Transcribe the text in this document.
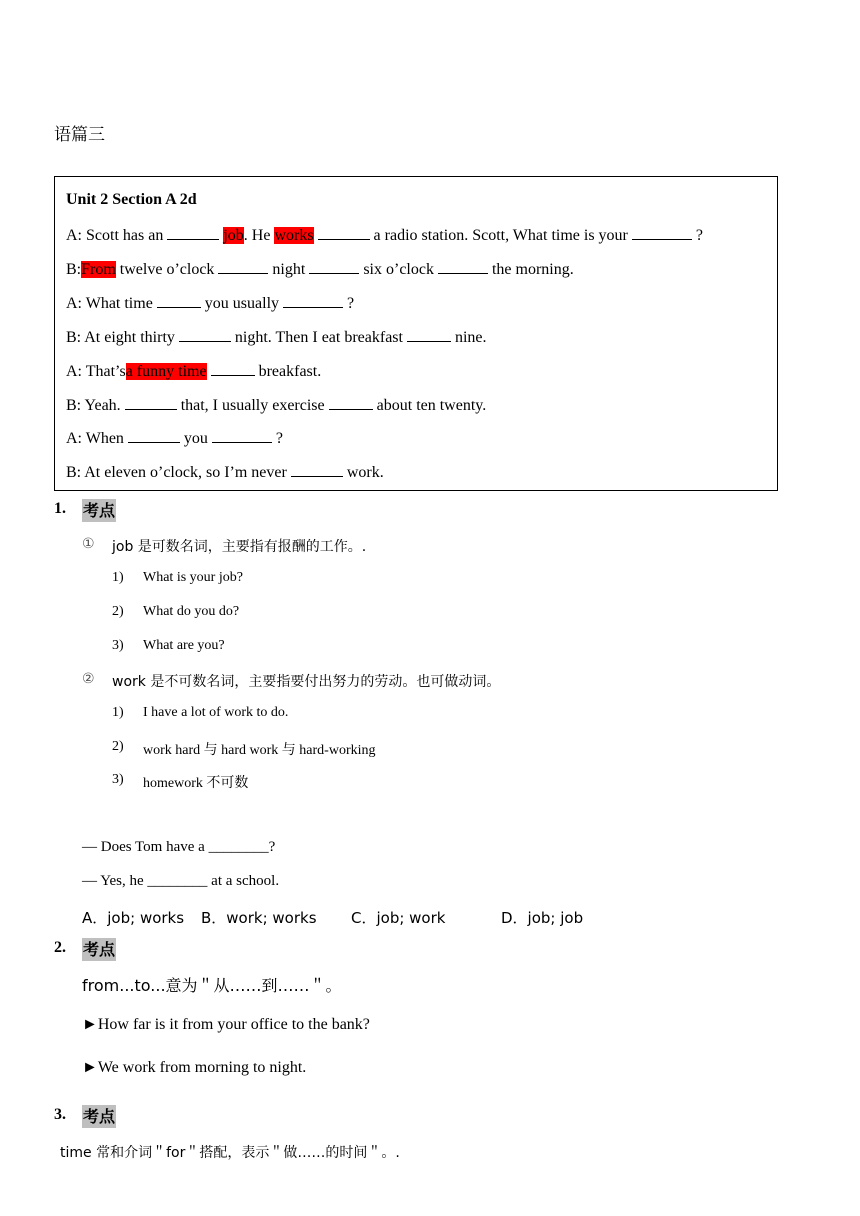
语篇三
Unit 2 Section A 2d
A: Scott has an	job. He works	a radio station. Scott, What time is your	?
B:From twelve o’clock	night	six o’clock	the morning.
A: What time	you usually	?
B: At eight thirty	night. Then I eat breakfast	nine.
A: That’sa funny time	breakfast.
B: Yeah.	that, I usually exercise	about ten twenty.
A: When	you	?
B: At eleven o’clock, so I’m never	work.
1. 考点
① job 是可数名词，主要指有报酬的工作。.
1) What is your job?
2) What do you do?
3) What are you?
② work 是不可数名词，主要指要付出努力的劳动。也可做动词。
1) I have a lot of work to do.
2) work hard 与 hard work 与 hard-working
3) homework 不可数
— Does Tom have a ________?
— Yes, he ________ at a school.
A．job; works B．work; works C．job; work	D．job; job
2. 考点
from...to...意为＂从……到……＂。
►How far is it from your office to the bank?
►We work from morning to night.
3. 考点
time 常和介词＂for＂搭配，表示＂做……的时间＂。.
